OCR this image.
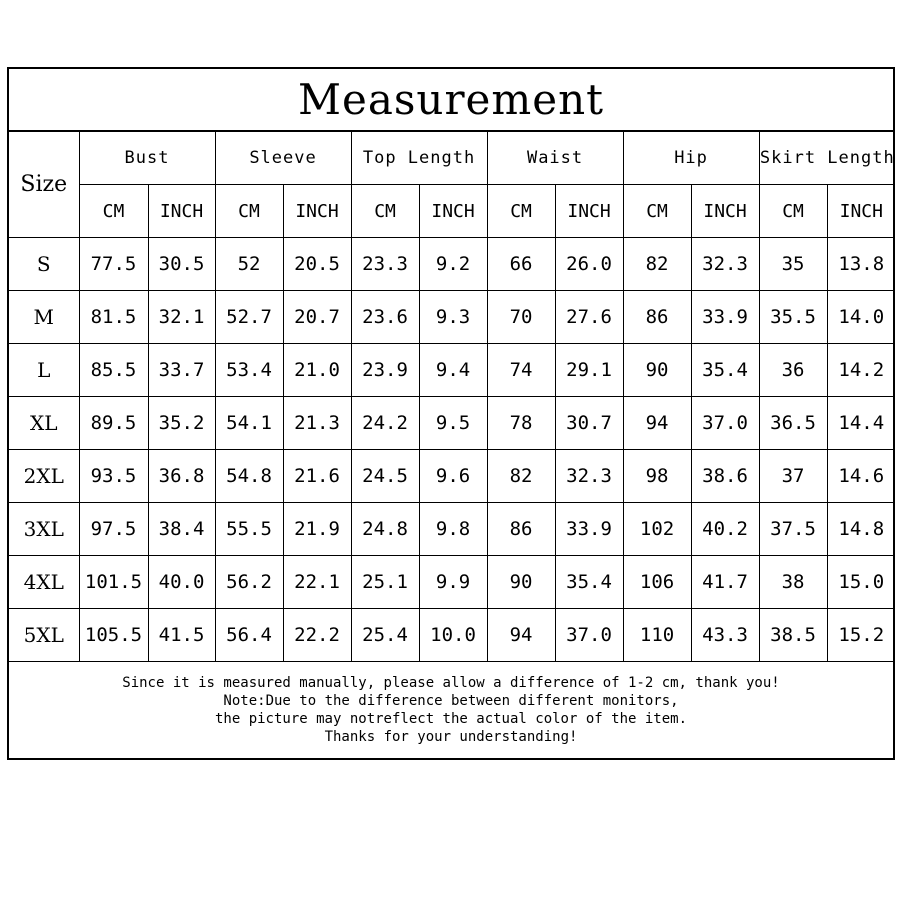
Measurement
Size	Bust		Sleeve		Top Length		Waist		Hip		Skirt Length	
	CM	INCH	CM	INCH	CM	INCH	CM	INCH	CM	INCH	CM	INCH
S	77.5	30.5	52	20.5	23.3	9.2	66	26.0	82	32.3	35	13.8
M	81.5	32.1	52.7	20.7	23.6	9.3	70	27.6	86	33.9	35.5	14.0
L	85.5	33.7	53.4	21.0	23.9	9.4	74	29.1	90	35.4	36	14.2
XL	89.5	35.2	54.1	21.3	24.2	9.5	78	30.7	94	37.0	36.5	14.4
2XL	93.5	36.8	54.8	21.6	24.5	9.6	82	32.3	98	38.6	37	14.6
3XL	97.5	38.4	55.5	21.9	24.8	9.8	86	33.9	102	40.2	37.5	14.8
4XL	101.5	40.0	56.2	22.1	25.1	9.9	90	35.4	106	41.7	38	15.0
5XL	105.5	41.5	56.4	22.2	25.4	10.0	94	37.0	110	43.3	38.5	15.2
Since it is measured manually, please allow a difference of 1-2 cm, thank you!
Note:Due to the difference between different monitors,
the picture may notreflect the actual color of the item.
Thanks for your understanding!
